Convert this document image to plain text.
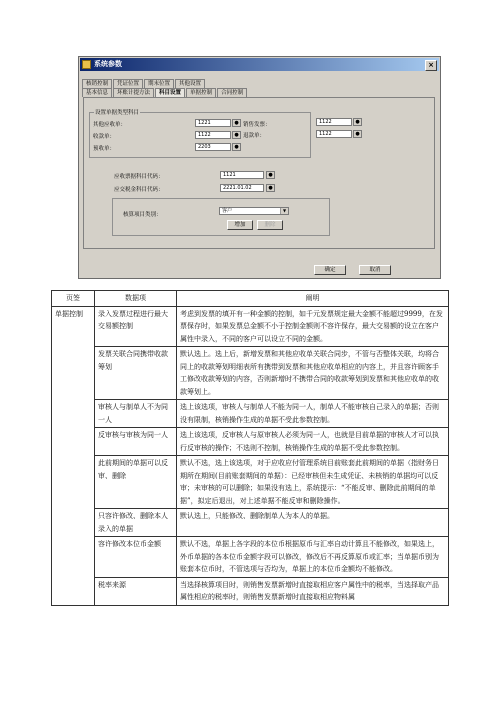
系统参数	×
核销控制	凭证位置	期末位置	其他设置
基本信息	坏账计提方法	科目设置	单据控制	合同控制
设置单据类型科目
其他应收单：	1221	●
收款单：	1122	●
预收单：	2203	●
销售发票：	1122	●
退款单：	1122	●
应收票据科目代码：	1121	●
应交税金科目代码：	2221.01.02	●
核算项目类别：
客户	▼
增加	删除
确定	取消
页签	数据项	阐明
单据控制	录入发票过程进行最大交易额控制	考虑到发票的填开有一种金额的控制，如千元发票规定最大金额不能超过9999，在发票保存时，如果发票总金额不小于控制金额则不容许保存，最大交易额的设立在客户属性中录入，不同的客户可以设立不同的金额。
	发票关联合同携带收款筹划	默认选上。选上后，新增发票和其他应收单关联合同步，不管与否整体关联，均将合同上的收款筹划明细表所有携带到发票和其他应收单相应的内容上，并且容许顾客手工修改收款筹划的内容，否则新增时不携带合同的收款筹划到发票和其他应收单的收款筹划上。
	审核人与制单人不为同一人	选上该选项，审核人与制单人不能为同一人，制单人不能审核自己录入的单据；否则没有限制，核销操作生成的单据不受此参数控制。
	反审核与审核为同一人	选上该选项，反审核人与原审核人必须为同一人，也就是目前单据的审核人才可以执行反审核的操作；不选则不控制，核销操作生成的单据不受此参数控制。
	此前期间的单据可以反审、删除	默认不选，选上该选项，对于应收应付管理系统目前账套此前期间的单据（指财务日期所在期间(目前账套期间的单据）：已经审核但未生成凭证、未核销的单据均可以反审；未审核的可以删除；如果没有选上，系统提示：“不能反审、删除此前期间的单据”，拟定后退出，对上述单据不能反审和删除操作。
	只容许修改、删除本人录入的单据	默认选上，只能修改、删除制单人为本人的单据。
	容许修改本位币金额	默认不选，单据上各字段的本位币根据原币与汇率自动计算且不能修改，如果选上，外币单据的各本位币金额字段可以修改，修改后不再反算原币或汇率；当单据币别为账套本位币时，不管选项与否均为，单据上的本位币金额均不能修改。
	税率来源	当选择核算项目时，则销售发票新增时直接取相应客户属性中的税率，当选择取产品属性相应的税率时，则销售发票新增时直接取相应物料属
